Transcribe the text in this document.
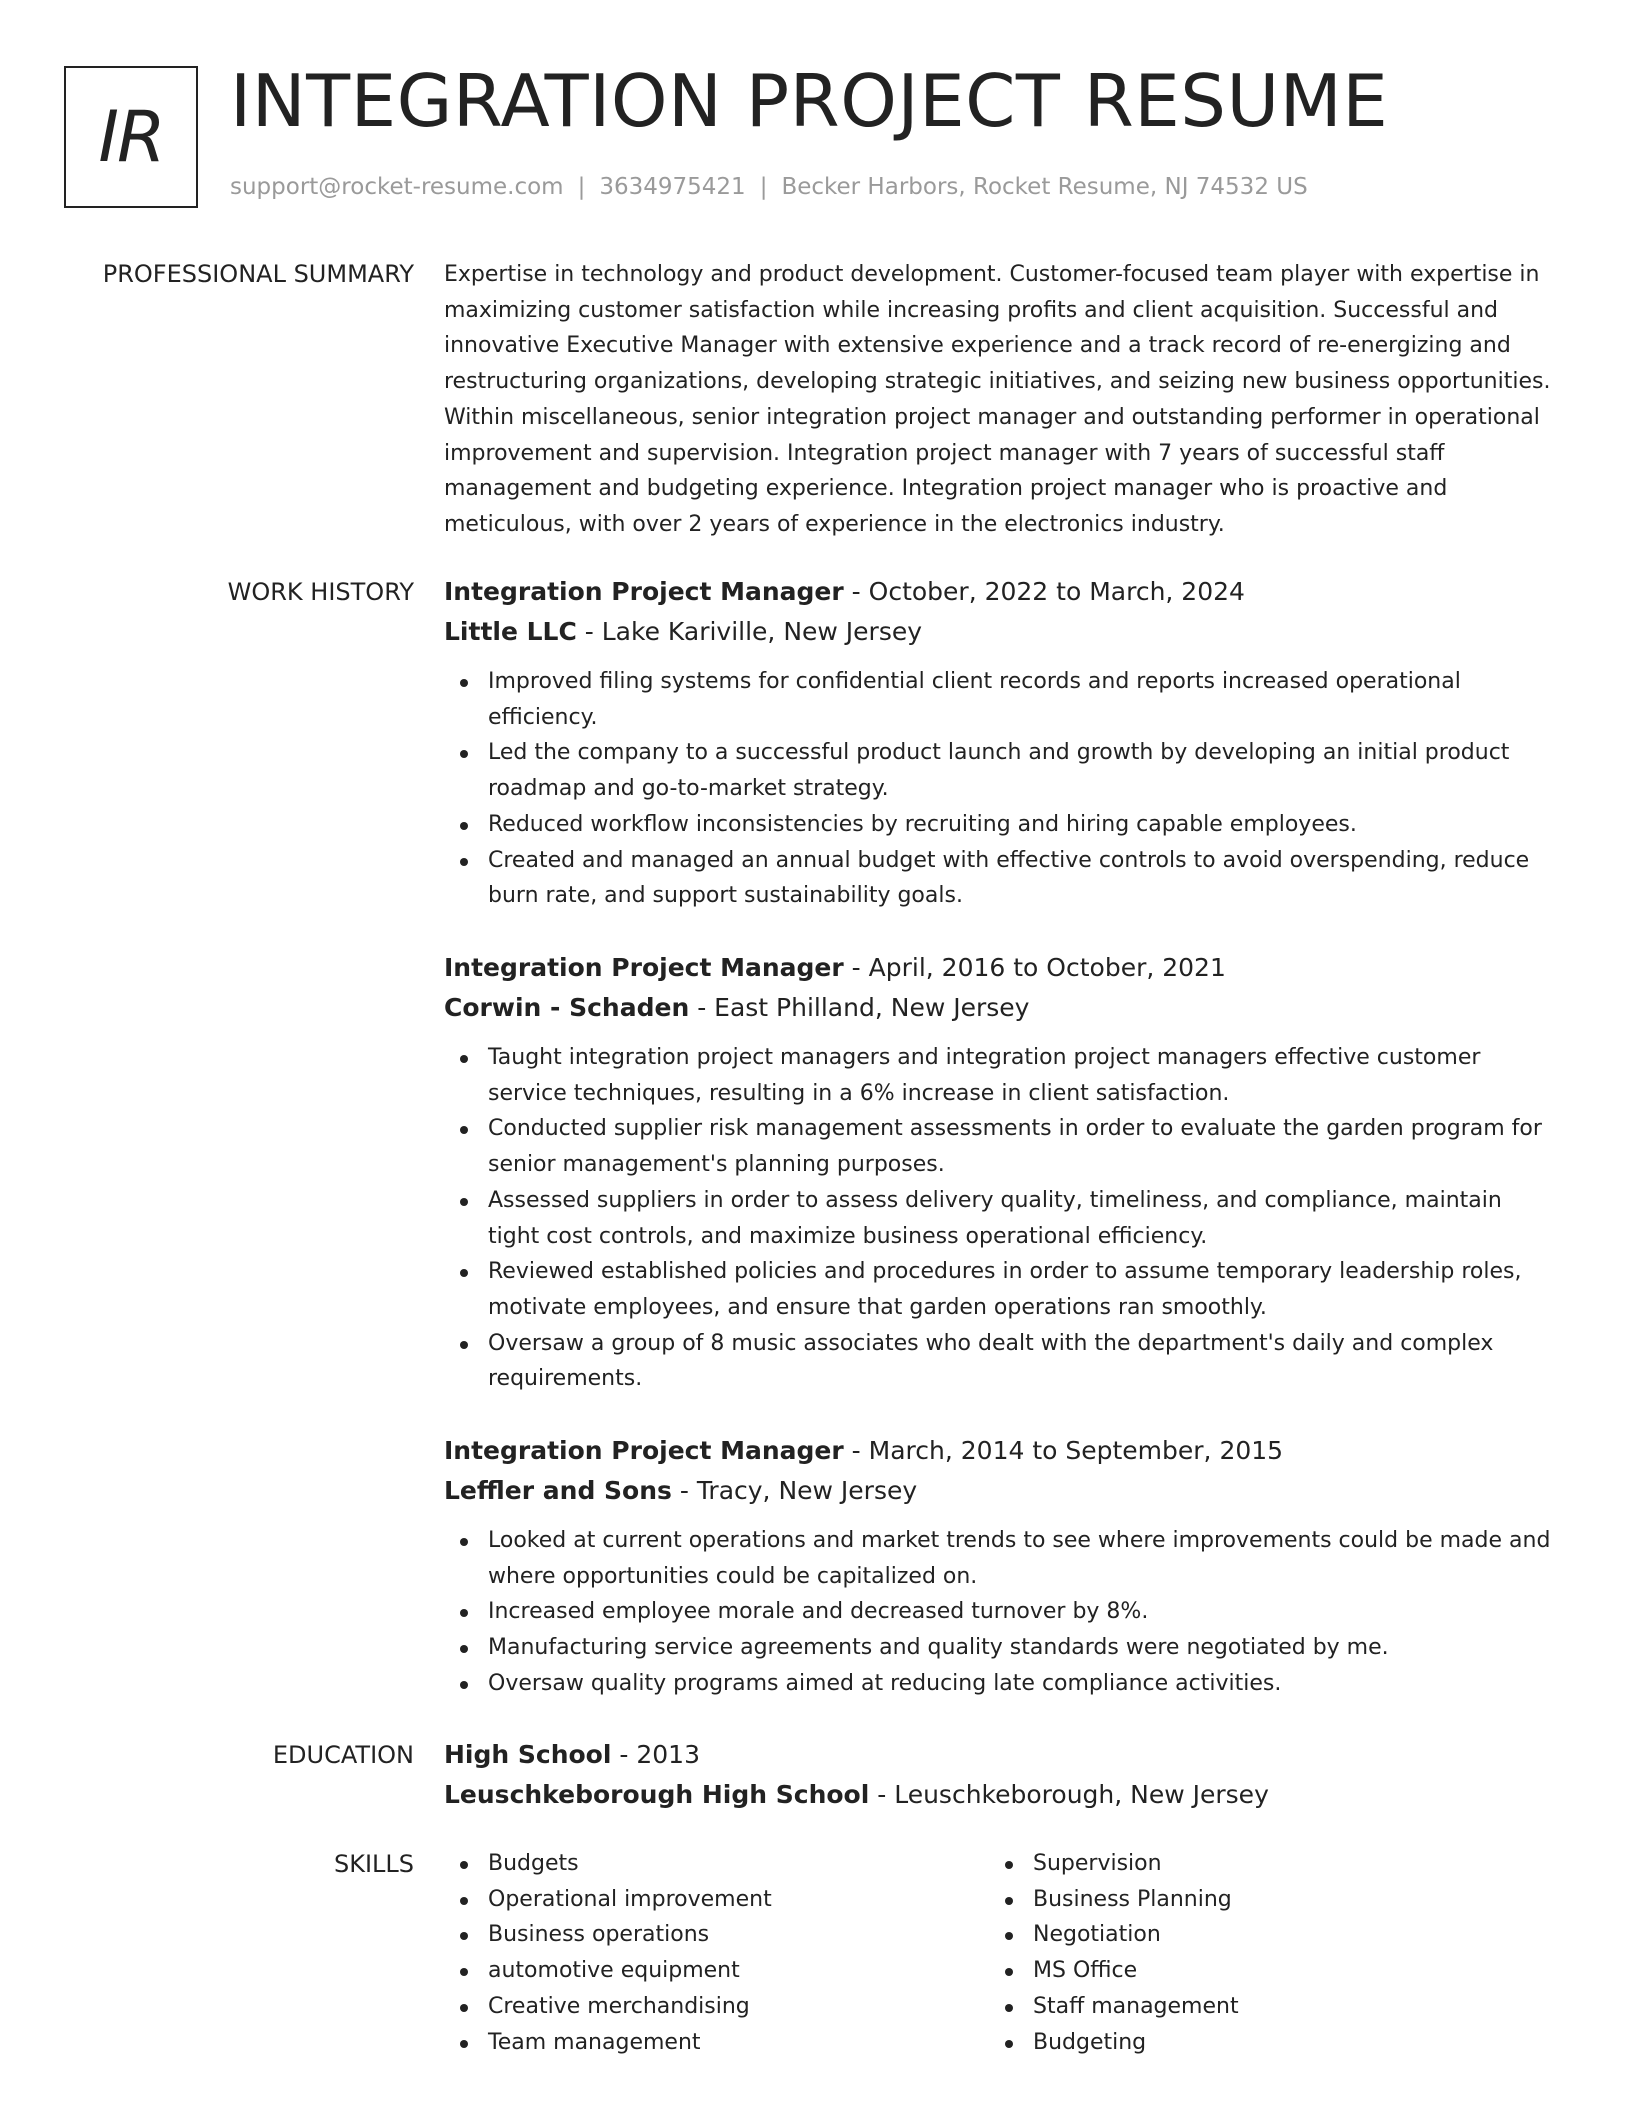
IR INTEGRATION PROJECT RESUME
support@rocket-resume.com | 3634975421 | Becker Harbors, Rocket Resume, NJ 74532 US
PROFESSIONAL SUMMARY Expertise in technology and product development. Customer-focused team player with expertise in maximizing customer satisfaction while increasing profits and client acquisition. Successful and innovative Executive Manager with extensive experience and a track record of re-energizing and restructuring organizations, developing strategic initiatives, and seizing new business opportunities. Within miscellaneous, senior integration project manager and outstanding performer in operational improvement and supervision. Integration project manager with 7 years of successful staff management and budgeting experience. Integration project manager who is proactive and meticulous, with over 2 years of experience in the electronics industry.

WORK HISTORY Integration Project Manager - October, 2022 to March, 2024
Little LLC - Lake Kariville, New Jersey
Improved filing systems for confidential client records and reports increased operational efficiency.
Led the company to a successful product launch and growth by developing an initial product roadmap and go-to-market strategy.
Reduced workflow inconsistencies by recruiting and hiring capable employees.
Created and managed an annual budget with effective controls to avoid overspending, reduce burn rate, and support sustainability goals.
Integration Project Manager - April, 2016 to October, 2021
Corwin - Schaden - East Philland, New Jersey
Taught integration project managers and integration project managers effective customer service techniques, resulting in a 6% increase in client satisfaction.
Conducted supplier risk management assessments in order to evaluate the garden program for senior management's planning purposes.
Assessed suppliers in order to assess delivery quality, timeliness, and compliance, maintain tight cost controls, and maximize business operational efficiency.
Reviewed established policies and procedures in order to assume temporary leadership roles, motivate employees, and ensure that garden operations ran smoothly.
Oversaw a group of 8 music associates who dealt with the department's daily and complex requirements.
Integration Project Manager - March, 2014 to September, 2015
Leffler and Sons - Tracy, New Jersey
Looked at current operations and market trends to see where improvements could be made and where opportunities could be capitalized on.
Increased employee morale and decreased turnover by 8%.
Manufacturing service agreements and quality standards were negotiated by me.
Oversaw quality programs aimed at reducing late compliance activities.
EDUCATION High School - 2013
Leuschkeborough High School - Leuschkeborough, New Jersey
SKILLS	Budgets
Operational improvement
Business operations
automotive equipment
Creative merchandising
Team management
Supervision
Business Planning
Negotiation
MS Office
Staff management
Budgeting
